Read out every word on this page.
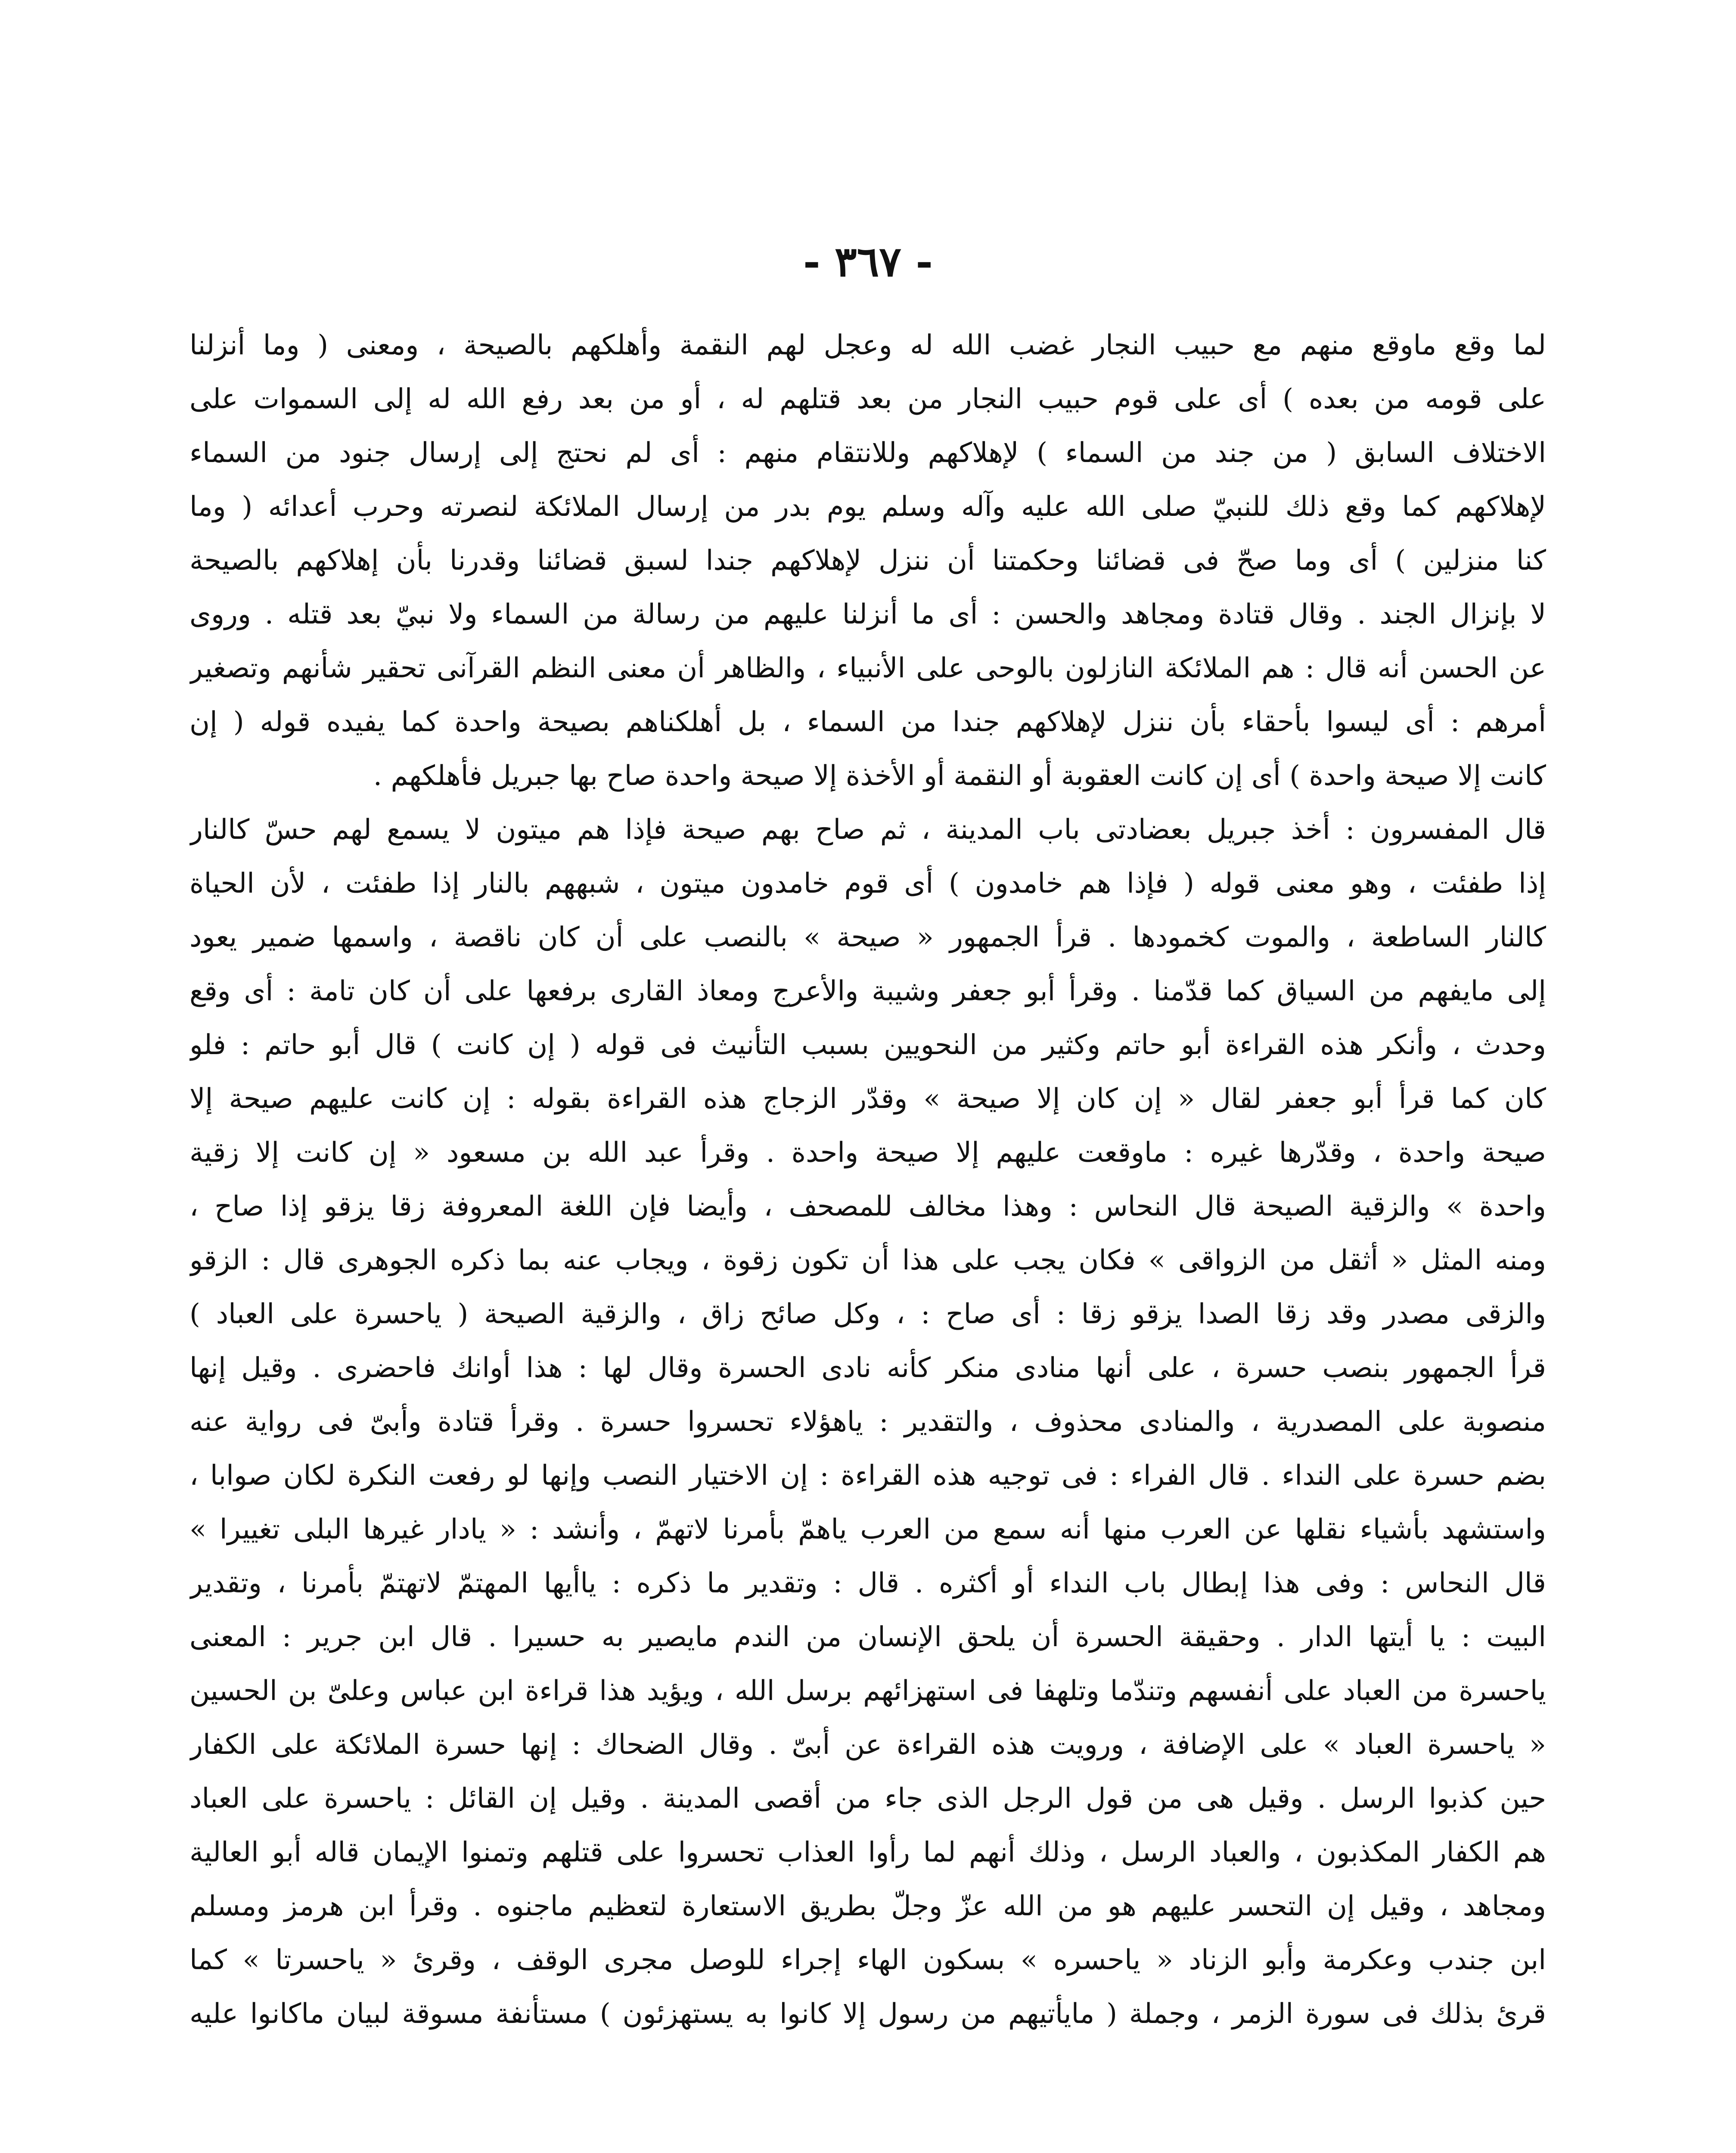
- ٣٦٧ -
لما وقع ماوقع منهم مع حبيب النجار غضب الله له وعجل لهم النقمة وأهلكهم بالصيحة ، ومعنى ( وما أنزلنا
على قومه من بعده ) أى على قوم حبيب النجار من بعد قتلهم له ، أو من بعد رفع الله له إلى السموات على
الاختلاف السابق ( من جند من السماء ) لإهلاكهم وللانتقام منهم : أى لم نحتج إلى إرسال جنود من السماء
لإهلاكهم كما وقع ذلك للنبيّ صلى الله عليه وآله وسلم يوم بدر من إرسال الملائكة لنصرته وحرب أعدائه ( وما
كنا منزلين ) أى وما صحّ فى قضائنا وحكمتنا أن ننزل لإهلاكهم جندا لسبق قضائنا وقدرنا بأن إهلاكهم بالصيحة
لا بإنزال الجند . وقال قتادة ومجاهد والحسن : أى ما أنزلنا عليهم من رسالة من السماء ولا نبيّ بعد قتله . وروى
عن الحسن أنه قال : هم الملائكة النازلون بالوحى على الأنبياء ، والظاهر أن معنى النظم القرآنى تحقير شأنهم وتصغير
أمرهم : أى ليسوا بأحقاء بأن ننزل لإهلاكهم جندا من السماء ، بل أهلكناهم بصيحة واحدة كما يفيده قوله ( إن
كانت إلا صيحة واحدة ) أى إن كانت العقوبة أو النقمة أو الأخذة إلا صيحة واحدة صاح بها جبريل فأهلكهم .
قال المفسرون : أخذ جبريل بعضادتى باب المدينة ، ثم صاح بهم صيحة فإذا هم ميتون لا يسمع لهم حسّ كالنار
إذا طفئت ، وهو معنى قوله ( فإذا هم خامدون ) أى قوم خامدون ميتون ، شبههم بالنار إذا طفئت ، لأن الحياة
كالنار الساطعة ، والموت كخمودها . قرأ الجمهور « صيحة » بالنصب على أن كان ناقصة ، واسمها ضمير يعود
إلى مايفهم من السياق كما قدّمنا . وقرأ أبو جعفر وشيبة والأعرج ومعاذ القارى برفعها على أن كان تامة : أى وقع
وحدث ، وأنكر هذه القراءة أبو حاتم وكثير من النحويين بسبب التأنيث فى قوله ( إن كانت ) قال أبو حاتم : فلو
كان كما قرأ أبو جعفر لقال « إن كان إلا صيحة » وقدّر الزجاج هذه القراءة بقوله : إن كانت عليهم صيحة إلا
صيحة واحدة ، وقدّرها غيره : ماوقعت عليهم إلا صيحة واحدة . وقرأ عبد الله بن مسعود « إن كانت إلا زقية
واحدة » والزقية الصيحة قال النحاس : وهذا مخالف للمصحف ، وأيضا فإن اللغة المعروفة زقا يزقو إذا صاح ،
ومنه المثل « أثقل من الزواقى » فكان يجب على هذا أن تكون زقوة ، ويجاب عنه بما ذكره الجوهرى قال : الزقو
والزقى مصدر وقد زقا الصدا يزقو زقا : أى صاح : ، وكل صائح زاق ، والزقية الصيحة ( ياحسرة على العباد )
قرأ الجمهور بنصب حسرة ، على أنها منادى منكر كأنه نادى الحسرة وقال لها : هذا أوانك فاحضرى . وقيل إنها
منصوبة على المصدرية ، والمنادى محذوف ، والتقدير : ياهؤلاء تحسروا حسرة . وقرأ قتادة وأبىّ فى رواية عنه
بضم حسرة على النداء . قال الفراء : فى توجيه هذه القراءة : إن الاختيار النصب وإنها لو رفعت النكرة لكان صوابا ،
واستشهد بأشياء نقلها عن العرب منها أنه سمع من العرب ياهمّ بأمرنا لاتهمّ ، وأنشد : « يادار غيرها البلى تغييرا »
قال النحاس : وفى هذا إبطال باب النداء أو أكثره . قال : وتقدير ما ذكره : ياأيها المهتمّ لاتهتمّ بأمرنا ، وتقدير
البيت : يا أيتها الدار . وحقيقة الحسرة أن يلحق الإنسان من الندم مايصير به حسيرا . قال ابن جرير : المعنى
ياحسرة من العباد على أنفسهم وتندّما وتلهفا فى استهزائهم برسل الله ، ويؤيد هذا قراءة ابن عباس وعلىّ بن الحسين
« ياحسرة العباد » على الإضافة ، ورويت هذه القراءة عن أبىّ . وقال الضحاك : إنها حسرة الملائكة على الكفار
حين كذبوا الرسل . وقيل هى من قول الرجل الذى جاء من أقصى المدينة . وقيل إن القائل : ياحسرة على العباد
هم الكفار المكذبون ، والعباد الرسل ، وذلك أنهم لما رأوا العذاب تحسروا على قتلهم وتمنوا الإيمان قاله أبو العالية
ومجاهد ، وقيل إن التحسر عليهم هو من الله عزّ وجلّ بطريق الاستعارة لتعظيم ماجنوه . وقرأ ابن هرمز ومسلم
ابن جندب وعكرمة وأبو الزناد « ياحسره » بسكون الهاء إجراء للوصل مجرى الوقف ، وقرئ « ياحسرتا » كما
قرئ بذلك فى سورة الزمر ، وجملة ( مايأتيهم من رسول إلا كانوا به يستهزئون ) مستأنفة مسوقة لبيان ماكانوا عليه
